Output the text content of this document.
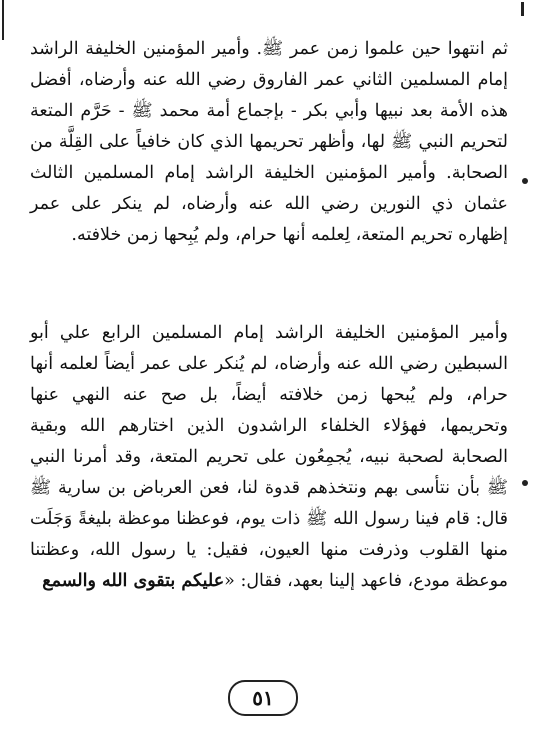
ثم انتهوا حين علموا زمن عمر ﷺ. وأمير المؤمنين الخليفة الراشد إمام المسلمين الثاني عمر الفاروق رضي الله عنه وأرضاه، أفضل هذه الأمة بعد نبيها وأبي بكر - بإجماع أمة محمد ﷺ - حَرَّم المتعة لتحريم النبي ﷺ لها، وأظهر تحريمها الذي كان خافياً على القِلَّة من الصحابة. وأمير المؤمنين الخليفة الراشد إمام المسلمين الثالث عثمان ذي النورين رضي الله عنه وأرضاه، لم ينكر على عمر إظهاره تحريم المتعة، لِعلمه أنها حرام، ولم يُبِحها زمن خلافته.

وأمير المؤمنين الخليفة الراشد إمام المسلمين الرابع علي أبو السبطين رضي الله عنه وأرضاه، لم يُنكر على عمر أيضاً لعلمه أنها حرام، ولم يُبحها زمن خلافته أيضاً، بل صح عنه النهي عنها وتحريمها، فهؤلاء الخلفاء الراشدون الذين اختارهم الله وبقية الصحابة لصحبة نبيه، يُجمِعُون على تحريم المتعة، وقد أمرنا النبي ﷺ بأن نتأسى بهم ونتخذهم قدوة لنا، فعن العرباض بن سارية ﷺ قال: قام فينا رسول الله ﷺ ذات يوم، فوعظنا موعظة بليغةً وَجَلَت منها القلوب وذرفت منها العيون، فقيل: يا رسول الله، وعظتنا موعظة مودع، فاعهد إلينا بعهد، فقال: «عليكم بتقوى الله والسمع

٥١
